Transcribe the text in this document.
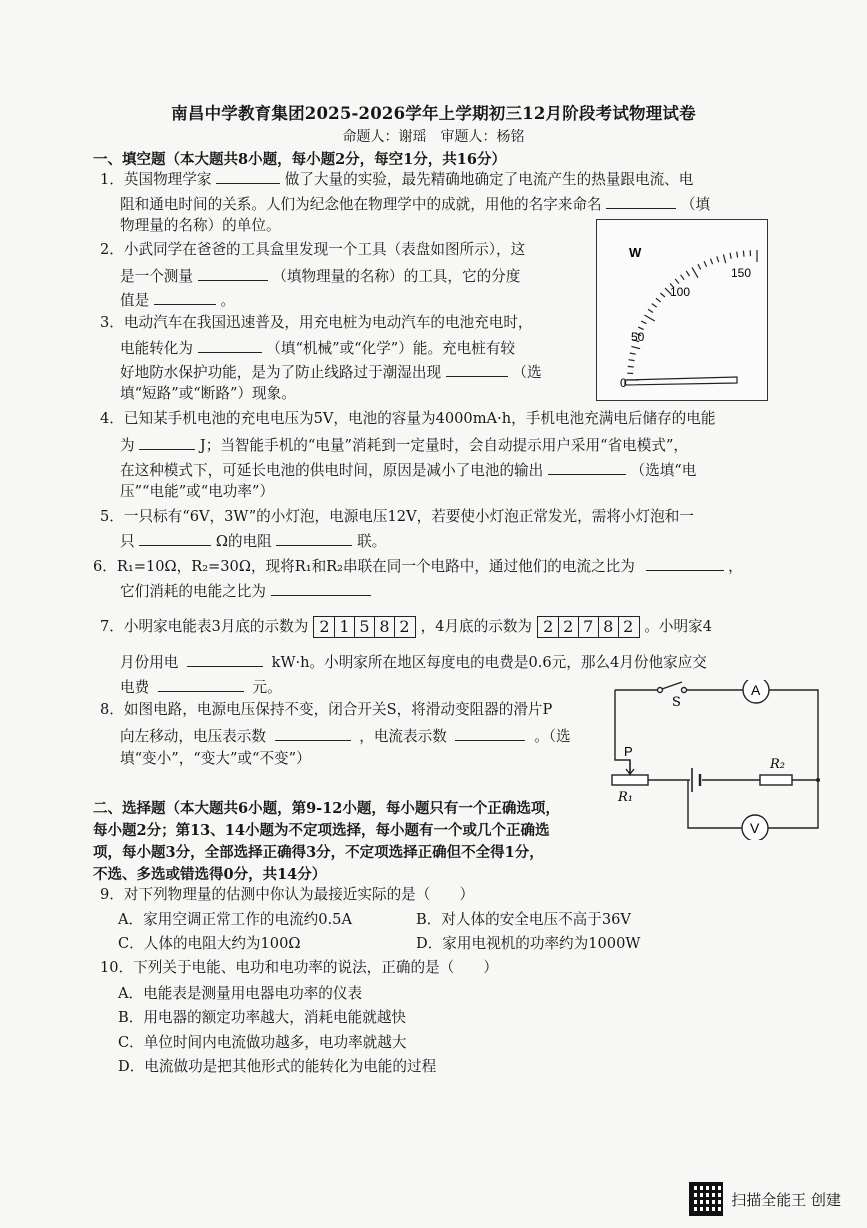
南昌中学教育集团2025-2026学年上学期初三12月阶段考试物理试卷
命题人：谢瑶　审题人：杨铭
一、填空题（本大题共8小题，每小题2分，每空1分，共16分）
1．英国物理学家	做了大量的实验，最先精确地确定了电流产生的热量跟电流、电
阻和通电时间的关系。人们为纪念他在物理学中的成就，用他的名字来命名	（填
物理量的名称）的单位。
2．小武同学在爸爸的工具盒里发现一个工具（表盘如图所示），这
是一个测量	（填物理量的名称）的工具，它的分度
值是	。
W
150
100
50
0
3．电动汽车在我国迅速普及，用充电桩为电动汽车的电池充电时，
电能转化为	（填“机械”或“化学”）能。充电桩有较
好地防水保护功能，是为了防止线路过于潮湿出现	（选
填“短路”或“断路”）现象。
4．已知某手机电池的充电电压为5V，电池的容量为4000mA·h，手机电池充满电后储存的电能
为	J；当智能手机的“电量”消耗到一定量时，会自动提示用户采用“省电模式”，
在这种模式下，可延长电池的供电时间，原因是减小了电池的输出	（选填“电
压”“电能”或“电功率”）
5．一只标有“6V，3W”的小灯泡，电源电压12V，若要使小灯泡正常发光，需将小灯泡和一
只	Ω的电阻	联。
6．R₁=10Ω，R₂=30Ω，现将R₁和R₂串联在同一个电路中，通过他们的电流之比为	，
它们消耗的电能之比为
7．小明家电能表3月底的示数为 2 1 5 8 2 ，4月底的示数为 2 2 7 8 2 。小明家4
月份用电	kW·h。小明家所在地区每度电的电费是0.6元，那么4月份他家应交
电费	元。
8．如图电路，电源电压保持不变，闭合开关S，将滑动变阻器的滑片P
向左移动，电压表示数	，电流表示数	。（选
填“变小”，“变大”或“不变”）
S
A
P
R₁
R₂
V
二、选择题（本大题共6小题，第9-12小题，每小题只有一个正确选项，
每小题2分；第13、14小题为不定项选择，每小题有一个或几个正确选
项，每小题3分，全部选择正确得3分，不定项选择正确但不全得1分，
不选、多选或错选得0分，共14分）
9．对下列物理量的估测中你认为最接近实际的是（　　）
A．家用空调正常工作的电流约0.5A	B．对人体的安全电压不高于36V
C．人体的电阻大约为100Ω	D．家用电视机的功率约为1000W
10．下列关于电能、电功和电功率的说法，正确的是（　　）
A．电能表是测量用电器电功率的仪表
B．用电器的额定功率越大，消耗电能就越快
C．单位时间内电流做功越多，电功率就越大
D．电流做功是把其他形式的能转化为电能的过程
扫描全能王 创建
